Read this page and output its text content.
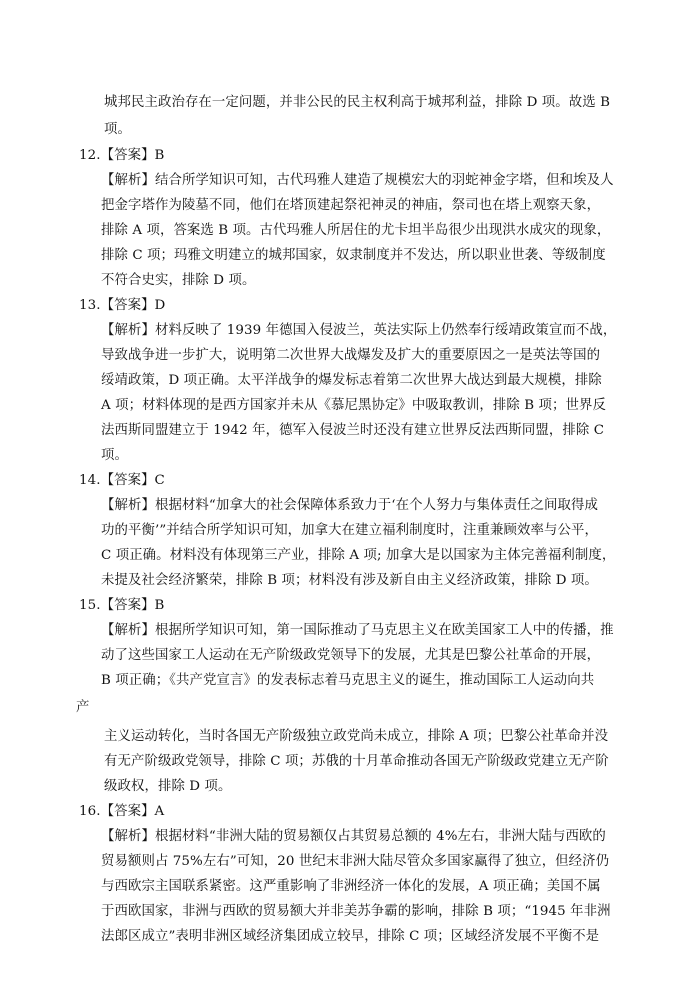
城邦民主政治存在一定问题，并非公民的民主权利高于城邦利益，排除 D 项。故选 B
项。
12.【答案】B
【解析】结合所学知识可知，古代玛雅人建造了规模宏大的羽蛇神金字塔，但和埃及人
把金字塔作为陵墓不同，他们在塔顶建起祭祀神灵的神庙，祭司也在塔上观察天象，
排除 A 项，答案选 B 项。古代玛雅人所居住的尤卡坦半岛很少出现洪水成灾的现象，
排除 C 项；玛雅文明建立的城邦国家，奴隶制度并不发达，所以职业世袭、等级制度
不符合史实，排除 D 项。
13.【答案】D
【解析】材料反映了 1939 年德国入侵波兰，英法实际上仍然奉行绥靖政策宣而不战，
导致战争进一步扩大，说明第二次世界大战爆发及扩大的重要原因之一是英法等国的
绥靖政策，D 项正确。太平洋战争的爆发标志着第二次世界大战达到最大规模，排除
A 项；材料体现的是西方国家并未从《慕尼黑协定》中吸取教训，排除 B 项；世界反
法西斯同盟建立于 1942 年，德军入侵波兰时还没有建立世界反法西斯同盟，排除 C
项。
14.【答案】C
【解析】根据材料“加拿大的社会保障体系致力于‘在个人努力与集体责任之间取得成
功的平衡’”并结合所学知识可知，加拿大在建立福利制度时，注重兼顾效率与公平，
C 项正确。材料没有体现第三产业，排除 A 项; 加拿大是以国家为主体完善福利制度，
未提及社会经济繁荣，排除 B 项；材料没有涉及新自由主义经济政策，排除 D 项。
15.【答案】B
【解析】根据所学知识可知，第一国际推动了马克思主义在欧美国家工人中的传播，推
动了这些国家工人运动在无产阶级政党领导下的发展，尤其是巴黎公社革命的开展，
B 项正确；《共产党宣言》的发表标志着马克思主义的诞生，推动国际工人运动向共
产
主义运动转化，当时各国无产阶级独立政党尚未成立，排除 A 项；巴黎公社革命并没
有无产阶级政党领导，排除 C 项；苏俄的十月革命推动各国无产阶级政党建立无产阶
级政权，排除 D 项。
16.【答案】A
【解析】根据材料“非洲大陆的贸易额仅占其贸易总额的 4%左右，非洲大陆与西欧的
贸易额则占 75%左右”可知，20 世纪末非洲大陆尽管众多国家赢得了独立，但经济仍
与西欧宗主国联系紧密。这严重影响了非洲经济一体化的发展，A 项正确；美国不属
于西欧国家，非洲与西欧的贸易额大并非美苏争霸的影响，排除 B 项；“1945 年非洲
法郎区成立”表明非洲区域经济集团成立较早，排除 C 项；区域经济发展不平衡不是
